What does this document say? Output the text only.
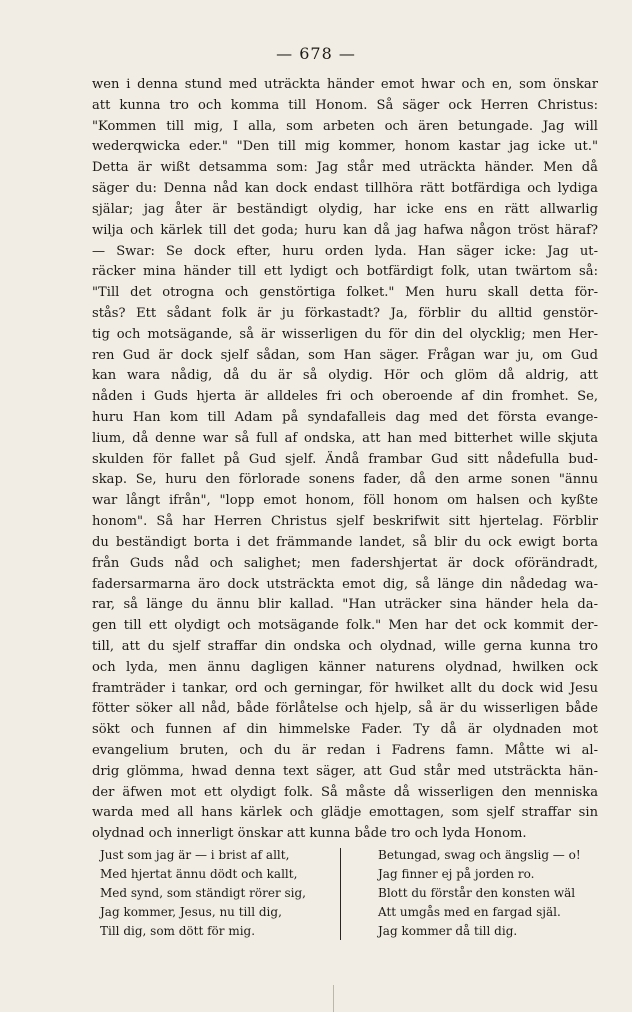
— 678 —
wen i denna stund med uträckta händer emot hwar och en, som önskar
att kunna tro och komma till Honom. Så säger ock Herren Christus:
"Kommen till mig, I alla, som arbeten och ären betungade. Jag will
wederqwicka eder." "Den till mig kommer, honom kastar jag icke ut."
Detta är wißt detsamma som: Jag står med uträckta händer. Men då
säger du: Denna nåd kan dock endast tillhöra rätt botfärdiga och lydiga
själar; jag åter är beständigt olydig, har icke ens en rätt allwarlig
wilja och kärlek till det goda; huru kan då jag hafwa någon tröst häraf?
— Swar: Se dock efter, huru orden lyda. Han säger icke: Jag ut-
räcker mina händer till ett lydigt och botfärdigt folk, utan twärtom så:
"Till det otrogna och genstörtiga folket." Men huru skall detta för-
stås? Ett sådant folk är ju förkastadt? Ja, förblir du alltid genstör-
tig och motsägande, så är wisserligen du för din del olycklig; men Her-
ren Gud är dock sjelf sådan, som Han säger. Frågan war ju, om Gud
kan wara nådig, då du är så olydig. Hör och glöm då aldrig, att
nåden i Guds hjerta är alldeles fri och oberoende af din fromhet. Se,
huru Han kom till Adam på syndafalleis dag med det första evange-
lium, då denne war så full af ondska, att han med bitterhet wille skjuta
skulden för fallet på Gud sjelf. Ändå frambar Gud sitt nådefulla bud-
skap. Se, huru den förlorade sonens fader, då den arme sonen "ännu
war långt ifrån", "lopp emot honom, föll honom om halsen och kyßte
honom". Så har Herren Christus sjelf beskrifwit sitt hjertelag. Förblir
du beständigt borta i det främmande landet, så blir du ock ewigt borta
från Guds nåd och salighet; men fadershjertat är dock oförändradt,
fadersarmarna äro dock utsträckta emot dig, så länge din nådedag wa-
rar, så länge du ännu blir kallad. "Han uträcker sina händer hela da-
gen till ett olydigt och motsägande folk." Men har det ock kommit der-
till, att du sjelf straffar din ondska och olydnad, wille gerna kunna tro
och lyda, men ännu dagligen känner naturens olydnad, hwilken ock
framträder i tankar, ord och gerningar, för hwilket allt du dock wid Jesu
fötter söker all nåd, både förlåtelse och hjelp, så är du wisserligen både
sökt och funnen af din himmelske Fader. Ty då är olydnaden mot
evangelium bruten, och du är redan i Fadrens famn. Måtte wi al-
drig glömma, hwad denna text säger, att Gud står med utsträckta hän-
der äfwen mot ett olydigt folk. Så måste då wisserligen den menniska
warda med all hans kärlek och glädje emottagen, som sjelf straffar sin
olydnad och innerligt önskar att kunna både tro och lyda Honom.
Just som jag är — i brist af allt,
Med hjertat ännu dödt och kallt,
Med synd, som ständigt rörer sig,
Jag kommer, Jesus, nu till dig,
Till dig, som dött för mig.
Betungad, swag och ängslig — o!
Jag finner ej på jorden ro.
Blott du förstår den konsten wäl
Att umgås med en fargad själ.
Jag kommer då till dig.
